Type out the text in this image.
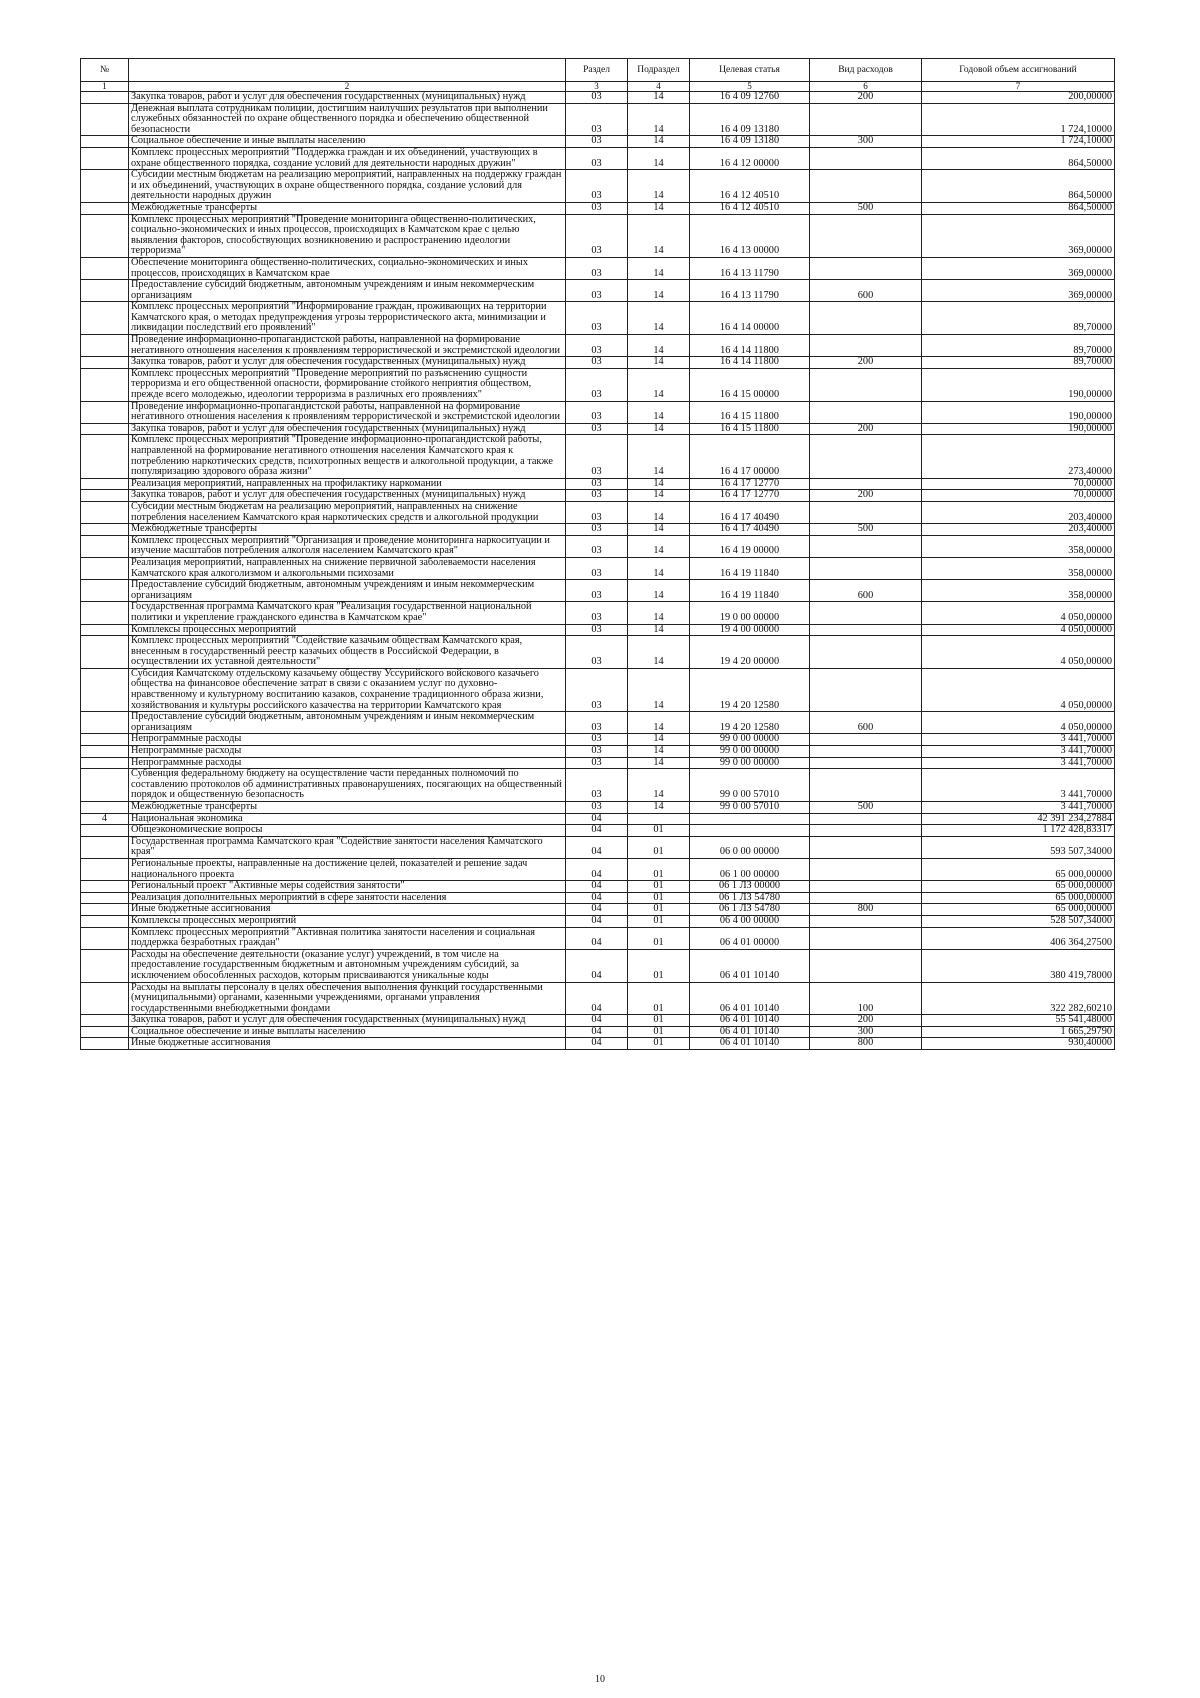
№		Раздел	Подраздел	Целевая статья	Вид расходов	Годовой объем ассигнований
1	2	3	4	5	6	7
	Закупка товаров, работ и услуг для обеспечения государственных (муниципальных) нужд	03	14	16 4 09 12760	200	200,00000
	Денежная выплата сотрудникам полиции, достигшим наилучших результатов при выполнении служебных обязанностей по охране общественного порядка и обеспечению общественной безопасности	03	14	16 4 09 13180		1 724,10000
	Социальное обеспечение и иные выплаты населению	03	14	16 4 09 13180	300	1 724,10000
	Комплекс процессных мероприятий "Поддержка граждан и их объединений, участвующих в охране общественного порядка, создание условий для деятельности народных дружин"	03	14	16 4 12 00000		864,50000
	Субсидии местным бюджетам на реализацию мероприятий, направленных на поддержку граждан и их объединений, участвующих в охране общественного порядка, создание условий для деятельности народных дружин	03	14	16 4 12 40510		864,50000
	Межбюджетные трансферты	03	14	16 4 12 40510	500	864,50000
	Комплекс процессных мероприятий "Проведение мониторинга общественно-политических, социально-экономических и иных процессов, происходящих в Камчатском крае с целью выявления факторов, способствующих возникновению и распространению идеологии терроризма"	03	14	16 4 13 00000		369,00000
	Обеспечение мониторинга общественно-политических, социально-экономических и иных процессов, происходящих в Камчатском крае	03	14	16 4 13 11790		369,00000
	Предоставление субсидий бюджетным, автономным учреждениям и иным некоммерческим организациям	03	14	16 4 13 11790	600	369,00000
	Комплекс процессных мероприятий "Информирование граждан, проживающих на территории Камчатского края, о методах предупреждения угрозы террористического акта, минимизации и ликвидации последствий его проявлений"	03	14	16 4 14 00000		89,70000
	Проведение информационно-пропагандистской работы, направленной на формирование негативного отношения населения к проявлениям террористической и экстремистской идеологии	03	14	16 4 14 11800		89,70000
	Закупка товаров, работ и услуг для обеспечения государственных (муниципальных) нужд	03	14	16 4 14 11800	200	89,70000
	Комплекс процессных мероприятий "Проведение мероприятий по разъяснению сущности терроризма и его общественной опасности, формирование стойкого неприятия обществом, прежде всего молодежью, идеологии терроризма в различных его проявлениях"	03	14	16 4 15 00000		190,00000
	Проведение информационно-пропагандистской работы, направленной на формирование негативного отношения населения к проявлениям террористической и экстремистской идеологии	03	14	16 4 15 11800		190,00000
	Закупка товаров, работ и услуг для обеспечения государственных (муниципальных) нужд	03	14	16 4 15 11800	200	190,00000
	Комплекс процессных мероприятий "Проведение информационно-пропагандистской работы, направленной на формирование негативного отношения населения Камчатского края к потреблению наркотических средств, психотропных веществ и алкогольной продукции, а также популяризацию здорового образа жизни"	03	14	16 4 17 00000		273,40000
	Реализация мероприятий, направленных на профилактику наркомании	03	14	16 4 17 12770		70,00000
	Закупка товаров, работ и услуг для обеспечения государственных (муниципальных) нужд	03	14	16 4 17 12770	200	70,00000
	Субсидии местным бюджетам на реализацию мероприятий, направленных на снижение потребления населением Камчатского края наркотических средств и алкогольной продукции	03	14	16 4 17 40490		203,40000
	Межбюджетные трансферты	03	14	16 4 17 40490	500	203,40000
	Комплекс процессных мероприятий "Организация и проведение мониторинга наркоситуации и изучение масштабов потребления алкоголя населением Камчатского края"	03	14	16 4 19 00000		358,00000
	Реализация мероприятий, направленных на снижение первичной заболеваемости населения Камчатского края алкоголизмом и алкогольными психозами	03	14	16 4 19 11840		358,00000
	Предоставление субсидий бюджетным, автономным учреждениям и иным некоммерческим организациям	03	14	16 4 19 11840	600	358,00000
	Государственная программа Камчатского края "Реализация государственной национальной политики и укрепление гражданского единства в Камчатском крае"	03	14	19 0 00 00000		4 050,00000
	Комплексы процессных мероприятий	03	14	19 4 00 00000		4 050,00000
	Комплекс процессных мероприятий "Содействие казачьим обществам Камчатского края, внесенным в государственный реестр казачьих обществ в Российской Федерации, в осуществлении их уставной деятельности"	03	14	19 4 20 00000		4 050,00000
	Субсидия Камчатскому отдельскому казачьему обществу Уссурийского войскового казачьего общества на финансовое обеспечение затрат в связи с оказанием услуг по духовно-нравственному и культурному воспитанию казаков, сохранение традиционного образа жизни, хозяйствования и культуры российского казачества на территории Камчатского края	03	14	19 4 20 12580		4 050,00000
	Предоставление субсидий бюджетным, автономным учреждениям и иным некоммерческим организациям	03	14	19 4 20 12580	600	4 050,00000
	Непрограммные расходы	03	14	99 0 00 00000		3 441,70000
	Непрограммные расходы	03	14	99 0 00 00000		3 441,70000
	Непрограммные расходы	03	14	99 0 00 00000		3 441,70000
	Субвенция федеральному бюджету на осуществление части переданных полномочий по составлению протоколов об административных правонарушениях, посягающих на общественный порядок и общественную безопасность	03	14	99 0 00 57010		3 441,70000
	Межбюджетные трансферты	03	14	99 0 00 57010	500	3 441,70000
4	Национальная экономика	04				42 391 234,27884
	Общеэкономические вопросы	04	01			1 172 428,83317
	Государственная программа Камчатского края "Содействие занятости населения Камчатского края"	04	01	06 0 00 00000		593 507,34000
	Региональные проекты, направленные на достижение целей, показателей и решение задач национального проекта	04	01	06 1 00 00000		65 000,00000
	Региональный проект "Активные меры содействия занятости"	04	01	06 1 ЛЗ 00000		65 000,00000
	Реализация дополнительных мероприятий в сфере занятости населения	04	01	06 1 ЛЗ 54780		65 000,00000
	Иные бюджетные ассигнования	04	01	06 1 ЛЗ 54780	800	65 000,00000
	Комплексы процессных мероприятий	04	01	06 4 00 00000		528 507,34000
	Комплекс процессных мероприятий "Активная политика занятости населения и социальная поддержка безработных граждан"	04	01	06 4 01 00000		406 364,27500
	Расходы на обеспечение деятельности (оказание услуг) учреждений, в том числе на предоставление государственным бюджетным и автономным учреждениям субсидий, за исключением обособленных расходов, которым присваиваются уникальные коды	04	01	06 4 01 10140		380 419,78000
	Расходы на выплаты персоналу в целях обеспечения выполнения функций государственными (муниципальными) органами, казенными учреждениями, органами управления государственными внебюджетными фондами	04	01	06 4 01 10140	100	322 282,60210
	Закупка товаров, работ и услуг для обеспечения государственных (муниципальных) нужд	04	01	06 4 01 10140	200	55 541,48000
	Социальное обеспечение и иные выплаты населению	04	01	06 4 01 10140	300	1 665,29790
	Иные бюджетные ассигнования	04	01	06 4 01 10140	800	930,40000
10
